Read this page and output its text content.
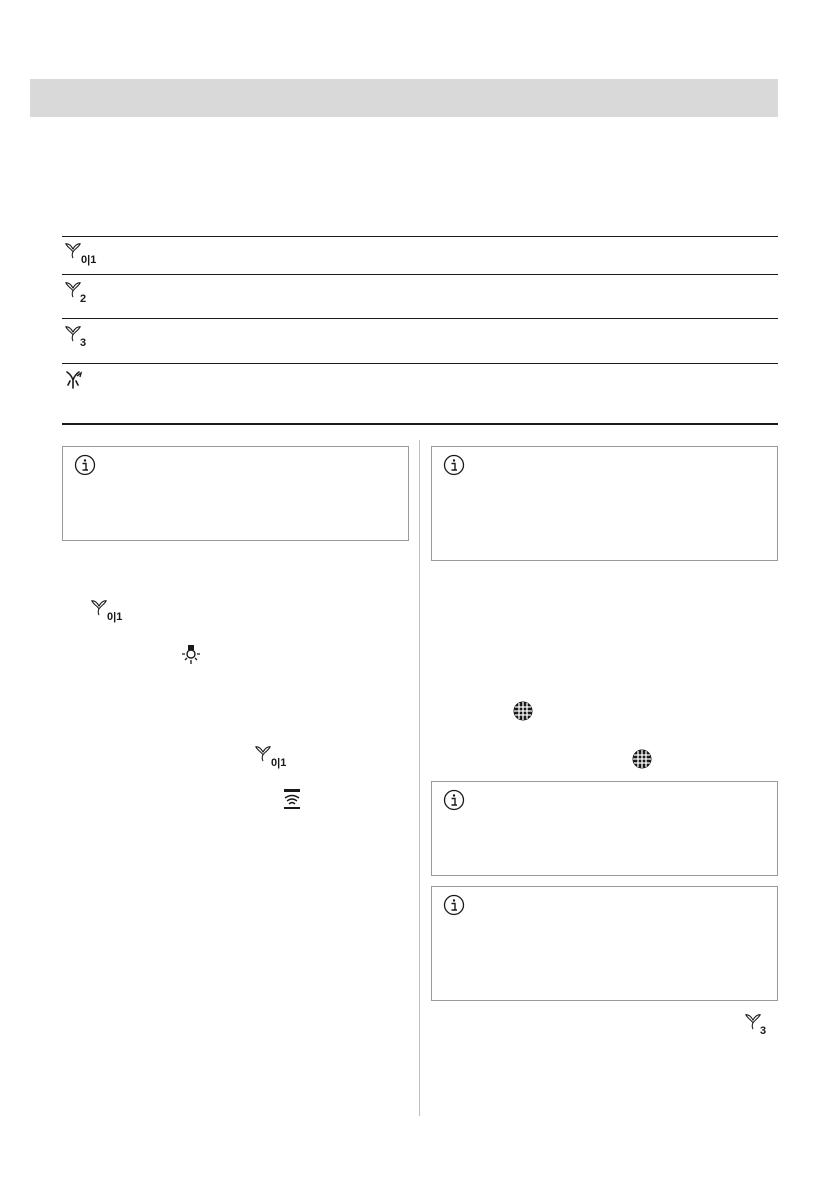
0|1
2
3
0|1
0|1
3
